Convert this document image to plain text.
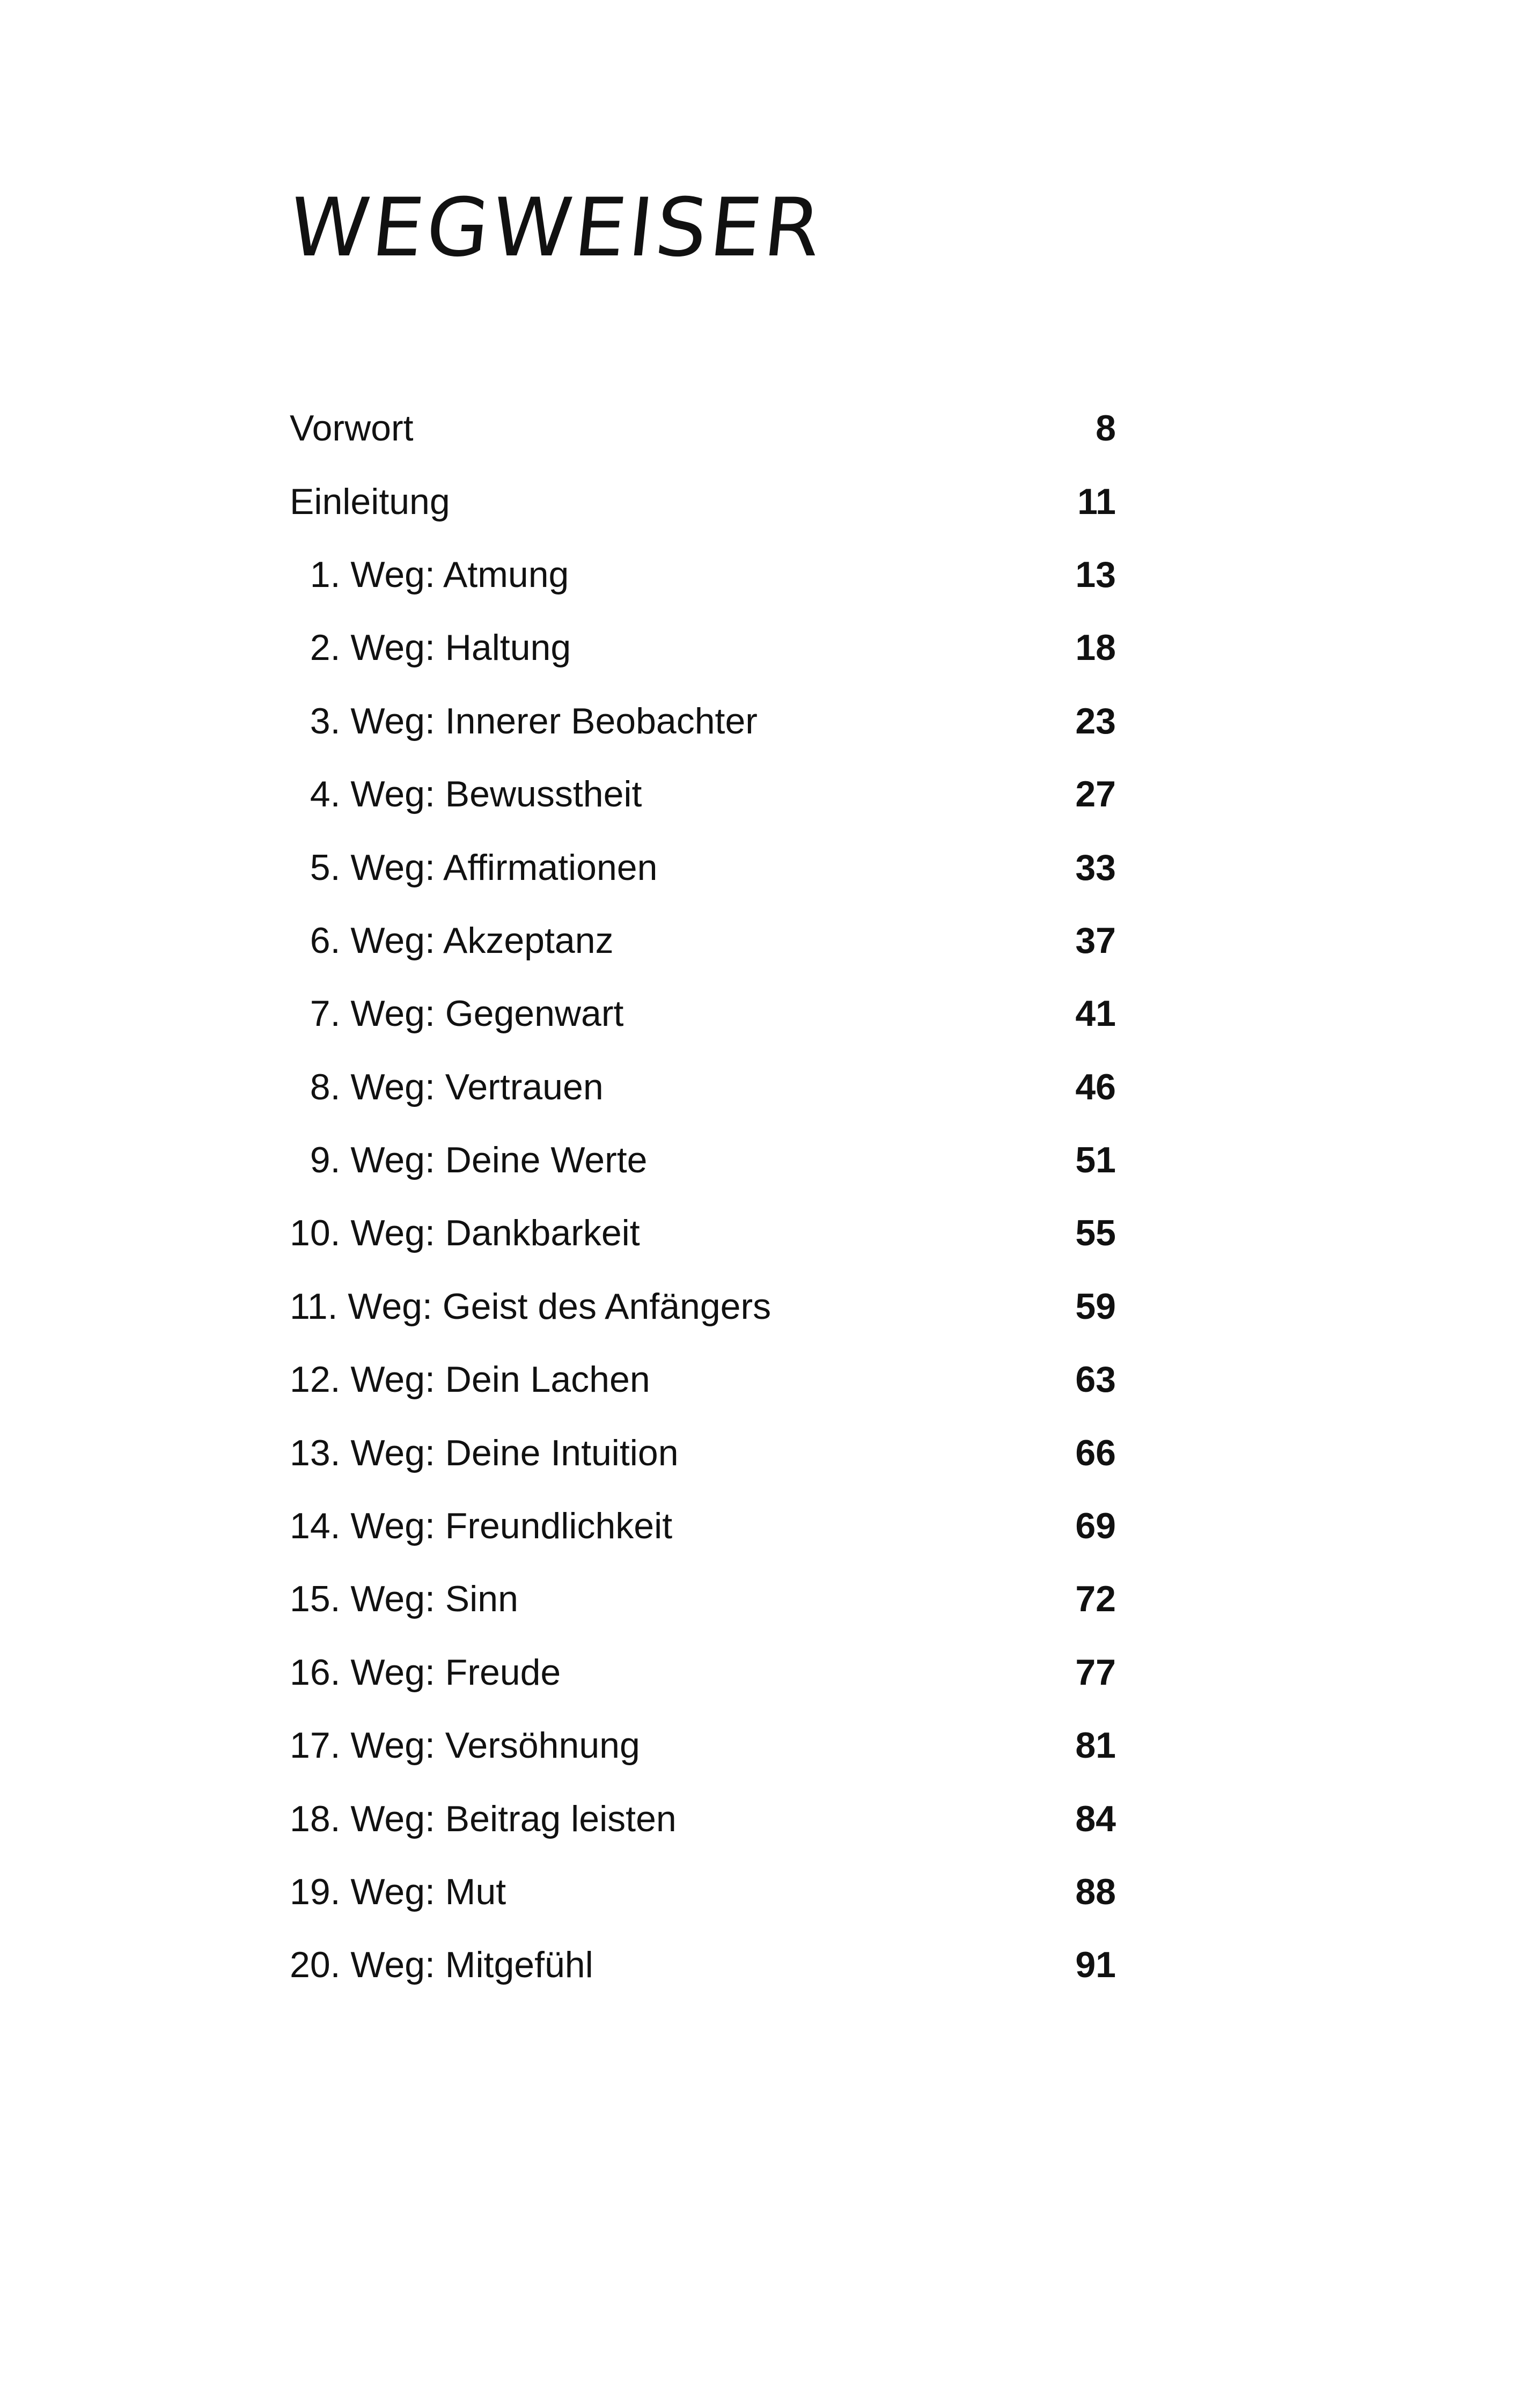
WEGWEISER
Vorwort	8
Einleitung	11
1. Weg: Atmung	13
2. Weg: Haltung	18
3. Weg: Innerer Beobachter	23
4. Weg: Bewusstheit	27
5. Weg: Affirmationen	33
6. Weg: Akzeptanz	37
7. Weg: Gegenwart	41
8. Weg: Vertrauen	46
9. Weg: Deine Werte	51
10. Weg: Dankbarkeit	55
11. Weg: Geist des Anfängers	59
12. Weg: Dein Lachen	63
13. Weg: Deine Intuition	66
14. Weg: Freundlichkeit	69
15. Weg: Sinn	72
16. Weg: Freude	77
17. Weg: Versöhnung	81
18. Weg: Beitrag leisten	84
19. Weg: Mut	88
20. Weg: Mitgefühl	91
